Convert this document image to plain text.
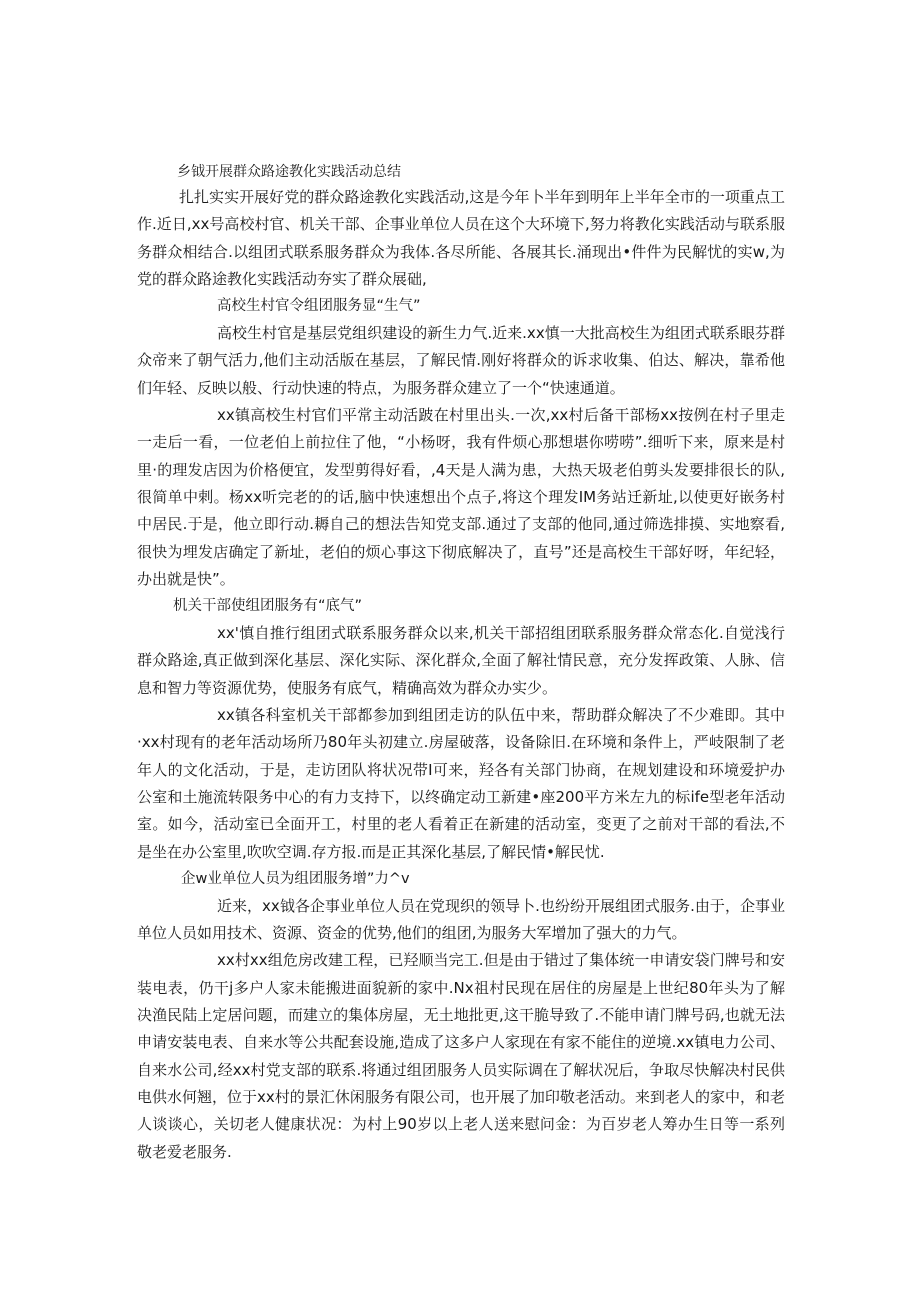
乡钺开展群众路途教化实践活动总结

扎扎实实开展好党的群众路途教化实践活动,这是今年卜半年到明年上半年全市的一项重点工作.近日,xx号高校村官、机关干部、企事业单位人员在这个大环境下,努力将教化实践活动与联系服务群众相结合.以组团式联系服务群众为我体.各尽所能、各展其长.涌现出•件件为民解忧的实w,为党的群众路途教化实践活动夯实了群众展础,

高校生村官令组团服务显“生气”

高校生村官是基层党组织建设的新生力气.近来.xx慎一大批高校生为组团式联系眼芬群众帝来了朝气活力,他们主动活版在基层，了解民情.刚好将群众的诉求收集、伯达、解决，靠希他们年轻、反映以般、行动快速的特点，为服务群众建立了一个“快速通道。

xx镇高校生村官们平常主动活跛在村里出头.一次,xx村后备干部杨xx按例在村子里走一走后一看，一位老伯上前拉住了他，“小杨呀，我有件烦心那想堪你唠唠”.细听下来，原来是村里·的理发店因为价格便宜，发型剪得好看，,4天是人满为患，大热天圾老伯剪头发要排很长的队,很简单中剌。杨xx听完老的的话,脑中快速想出个点子,将这个理发IM务站迁新址,以使更好嵌务村中居民.于是，他立即行动.耨自己的想法告知党支部.通过了支部的他同,通过筛选排摸、实地察看,很快为埋发店确定了新址，老伯的烦心事这下彻底解决了，直号”还是高校生干部好呀，年纪轻，办出就是快”。

机关干部使组团服务有“底气”

xx'慎自推行组团式联系服务群众以来,机关干部招组团联系服务群众常态化.自觉浅行群众路途,真正做到深化基层、深化实际、深化群众,全面了解社情民意，充分发挥政策、人脉、信息和智力等资源优势，使服务有底气，精确高效为群众办实少。

xx镇各科室机关干部都参加到组团走访的队伍中来，帮助群众解决了不少难即。其中·xx村现有的老年活动场所乃80年头初建立.房屋破落，设备除旧.在环境和条件上，严岐限制了老年人的文化活动，于是，走访团队将状况带I可来，羟各有关部门协商，在规划建设和环境爱护办公室和土施流转限务中心的有力支持下，以终确定动工新建•座200平方米左九的标ife型老年活动室。如今，活动室已全面开工，村里的老人看着正在新建的活动室，变更了之前对干部的看法,不是坐在办公室里,吹吹空调.存方报.而是正其深化基层,了解民情•解民忧.

企w业单位人员为组团服务增”力^v

近来，xx钺各企事业单位人员在党现织的领导卜.也纷纷开展组团式服务.由于，企事业单位人员如用技术、资源、资金的优势,他们的组团,为服务大军增加了强大的力气。

xx村xx组危房改建工程，已羟顺当完工.但是由于错过了集体统一申请安袋门牌号和安装电表，仍干j多户人家未能搬进面貌新的家中.Nx祖村民现在居住的房屋是上世纪80年头为了解决渔民陆上定居问题，而建立的集体房屋，无土地批更,这干脆导致了.不能申请门牌号码,也就无法申请安装电表、自来水等公共配套设施,造成了这多户人家现在有家不能住的逆境.xx镇电力公司、自来水公司,经xx村党支部的联系.将通过组团服务人员实际调在了解状况后，争取尽快解决村民供电供水何翘，位于xx村的景汇休闲服务有限公司，也开展了加印敬老活动。来到老人的家中，和老人谈谈心，关切老人健康状况：为村上90岁以上老人送来慰问金：为百岁老人筹办生日等一系列敬老爱老服务.
